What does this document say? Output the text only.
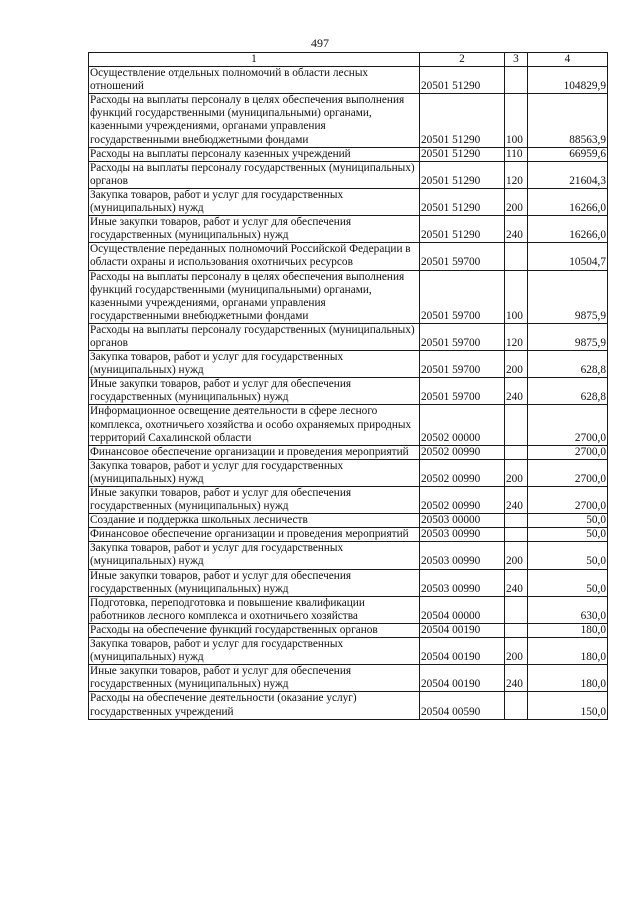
497
1	2	3	4
Осуществление отдельных полномочий в области лесных отношений	20501 51290		104829,9
Расходы на выплаты персоналу в целях обеспечения выполнения функций государственными (муниципальными) органами, казенными учреждениями, органами управления государственными внебюджетными фондами	20501 51290	100	88563,9
Расходы на выплаты персоналу казенных учреждений	20501 51290	110	66959,6
Расходы на выплаты персоналу государственных (муниципальных) органов	20501 51290	120	21604,3
Закупка товаров, работ и услуг для государственных (муниципальных) нужд	20501 51290	200	16266,0
Иные закупки товаров, работ и услуг для обеспечения государственных (муниципальных) нужд	20501 51290	240	16266,0
Осуществление переданных полномочий Российской Федерации в области охраны и использования охотничьих ресурсов	20501 59700		10504,7
Расходы на выплаты персоналу в целях обеспечения выполнения функций государственными (муниципальными) органами, казенными учреждениями, органами управления государственными внебюджетными фондами	20501 59700	100	9875,9
Расходы на выплаты персоналу государственных (муниципальных) органов	20501 59700	120	9875,9
Закупка товаров, работ и услуг для государственных (муниципальных) нужд	20501 59700	200	628,8
Иные закупки товаров, работ и услуг для обеспечения государственных (муниципальных) нужд	20501 59700	240	628,8
Информационное освещение деятельности в сфере лесного комплекса, охотничьего хозяйства и особо охраняемых природных территорий Сахалинской области	20502 00000		2700,0
Финансовое обеспечение организации и проведения мероприятий	20502 00990		2700,0
Закупка товаров, работ и услуг для государственных (муниципальных) нужд	20502 00990	200	2700,0
Иные закупки товаров, работ и услуг для обеспечения государственных (муниципальных) нужд	20502 00990	240	2700,0
Создание и поддержка школьных лесничеств	20503 00000		50,0
Финансовое обеспечение организации и проведения мероприятий	20503 00990		50,0
Закупка товаров, работ и услуг для государственных (муниципальных) нужд	20503 00990	200	50,0
Иные закупки товаров, работ и услуг для обеспечения государственных (муниципальных) нужд	20503 00990	240	50,0
Подготовка, переподготовка и повышение квалификации работников лесного комплекса и охотничьего хозяйства	20504 00000		630,0
Расходы на обеспечение функций государственных органов	20504 00190		180,0
Закупка товаров, работ и услуг для государственных (муниципальных) нужд	20504 00190	200	180,0
Иные закупки товаров, работ и услуг для обеспечения государственных (муниципальных) нужд	20504 00190	240	180,0
Расходы на обеспечение деятельности (оказание услуг) государственных учреждений	20504 00590		150,0
